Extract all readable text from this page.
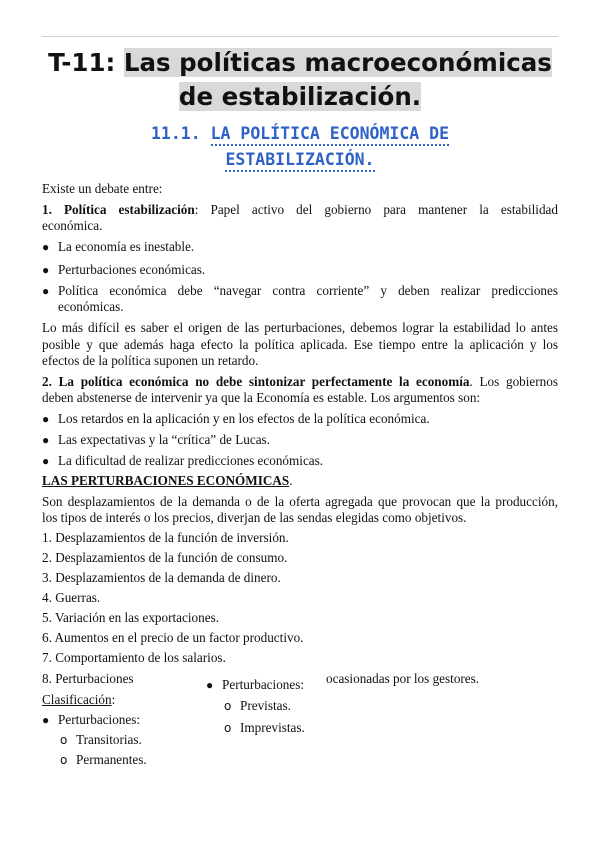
T-11: Las políticas macroeconómicas
de estabilización.
11.1. LA POLÍTICA ECONÓMICA DE
ESTABILIZACIÓN.
Existe un debate entre:
1. Política estabilización: Papel activo del gobierno para mantener la estabilidad
económica.
● La economía es inestable.
● Perturbaciones económicas.
● Política económica debe “navegar contra corriente” y deben realizar predicciones
económicas.
Lo más difícil es saber el origen de las perturbaciones, debemos lograr la estabilidad lo antes
posible y que además haga efecto la política aplicada. Ese tiempo entre la aplicación y los
efectos de la política suponen un retardo.
2. La política económica no debe sintonizar perfectamente la economía. Los gobiernos
deben abstenerse de intervenir ya que la Economía es estable. Los argumentos son:
● Los retardos en la aplicación y en los efectos de la política económica.
● Las expectativas y la “crítica” de Lucas.
● La dificultad de realizar predicciones económicas.
LAS PERTURBACIONES ECONÓMICAS.
Son desplazamientos de la demanda o de la oferta agregada que provocan que la producción,
los tipos de interés o los precios, diverjan de las sendas elegidas como objetivos.
1. Desplazamientos de la función de inversión.
2. Desplazamientos de la función de consumo.
3. Desplazamientos de la demanda de dinero.
4. Guerras.
5. Variación en las exportaciones.
6. Aumentos en el precio de un factor productivo.
7. Comportamiento de los salarios.
8. Perturbaciones	ocasionadas por los gestores.
Clasificación:
● Perturbaciones:
o Transitorias.
o Permanentes.
● Perturbaciones:
o Previstas.
o Imprevistas.
